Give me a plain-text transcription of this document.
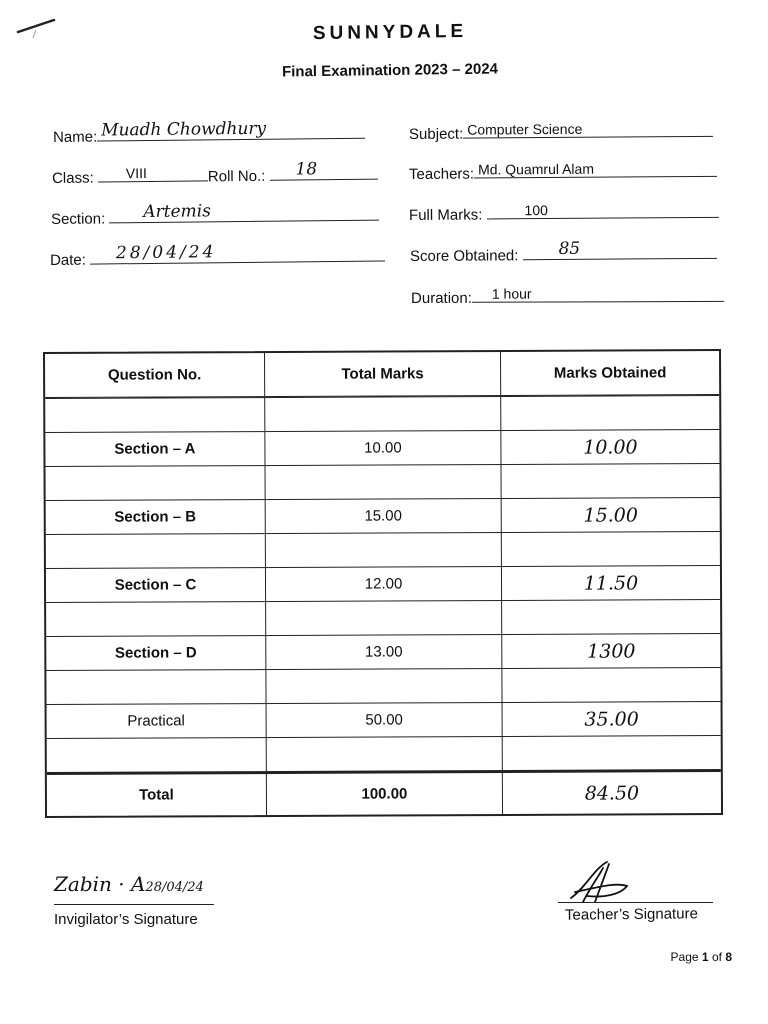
SUNNYDALE
Final Examination 2023 – 2024
Name: Muadh Chowdhury
Class: VIII	Roll No.: 18
Section: Artemis
Date: 28/04/24
Subject: Computer Science
Teachers: Md. Quamrul Alam
Full Marks:	100
Score Obtained: 85
Duration: 1 hour
Question No.	Total Marks	Marks Obtained
Section – A	10.00	10.00
Section – B	15.00	15.00
Section – C	12.00	11.50
Section – D	13.00	1300
Practical	50.00	35.00
Total	100.00	84.50
Zabin · A28/04/24
Invigilator’s Signature	Teacher’s Signature
Page 1 of 8
